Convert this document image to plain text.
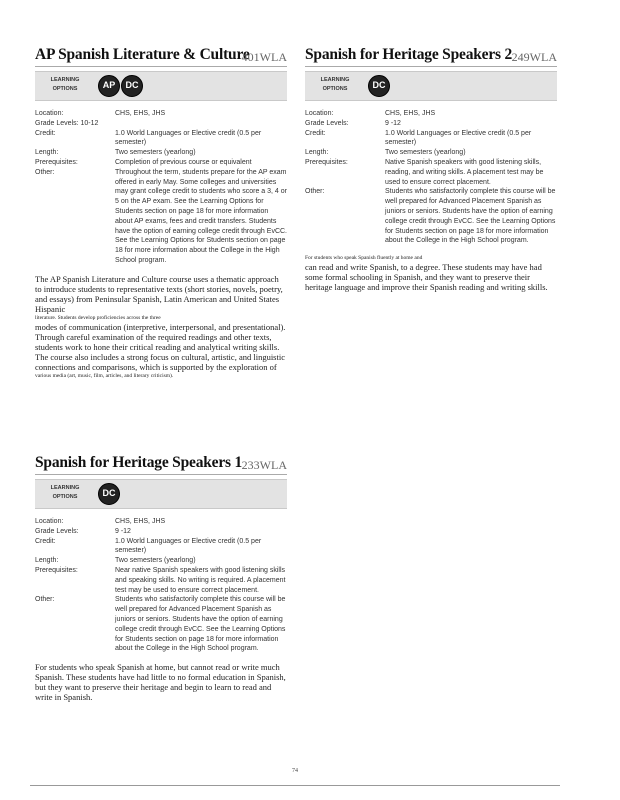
AP Spanish Literature & Culture
401WLA
LEARNING
OPTIONS	AP	DC
Location:	CHS, EHS, JHS
Grade Levels: 10-12
Credit:	1.0 World Languages or Elective credit (0.5 per semester)
Length:	Two semesters (yearlong)
Prerequisites:	Completion of previous course or equivalent
Other:	Throughout the term, students prepare for the AP exam offered in early May. Some colleges and universities may grant college credit to students who score a 3, 4 or 5 on the AP exam. See the Learning Options for Students section on page 18 for more information about AP exams, fees and credit transfers. Students have the option of earning college credit through EvCC. See the Learning Options for Students section on page 18 for more information about the College in the High School program.
The AP Spanish Literature and Culture course uses a thematic approach to introduce students to representative texts (short stories, novels, poetry, and essays) from Peninsular Spanish, Latin American and United States Hispanic
literature. Students develop proficiencies across the three
modes of communication (interpretive, interpersonal, and presentational). Through careful examination of the required readings and other texts, students work to hone their critical reading and analytical writing skills. The course also includes a strong focus on cultural, artistic, and linguistic connections and comparisons, which is supported by the exploration of
various media (art, music, film, articles, and literary criticism).
Spanish for Heritage Speakers 2 249WLA
LEARNING
OPTIONS	DC
Location:	CHS, EHS, JHS
Grade Levels:	9 -12
Credit:	1.0 World Languages or Elective credit (0.5 per semester)
Length:	Two semesters (yearlong)
Prerequisites:	Native Spanish speakers with good listening skills, reading, and writing skills. A placement test may be used to ensure correct placement.
Other:	Students who satisfactorily complete this course will be well prepared for Advanced Placement Spanish as juniors or seniors. Students have the option of earning college credit through EvCC. See the Learning Options for Students section on page 18 for more information about the College in the High School program.
For students who speak Spanish fluently at home and
can read and write Spanish, to a degree. These students may have had some formal schooling in Spanish, and they want to preserve their heritage language and improve their Spanish reading and writing skills.
Spanish for Heritage Speakers 1 233WLA
LEARNING
OPTIONS	DC
Location:	CHS, EHS, JHS
Grade Levels:	9 -12
Credit:	1.0 World Languages or Elective credit (0.5 per semester)
Length:	Two semesters (yearlong)
Prerequisites:	Near native Spanish speakers with good listening skills and speaking skills. No writing is required. A placement test may be used to ensure correct placement.
Other:	Students who satisfactorily complete this course will be well prepared for Advanced Placement Spanish as juniors or seniors. Students have the option of earning college credit through EvCC. See the Learning Options for Students section on page 18 for more information about the College in the High School program.
For students who speak Spanish at home, but cannot read or write much Spanish. These students have had little to no formal education in Spanish, but they want to preserve their heritage and begin to learn to read and write in Spanish.
74
